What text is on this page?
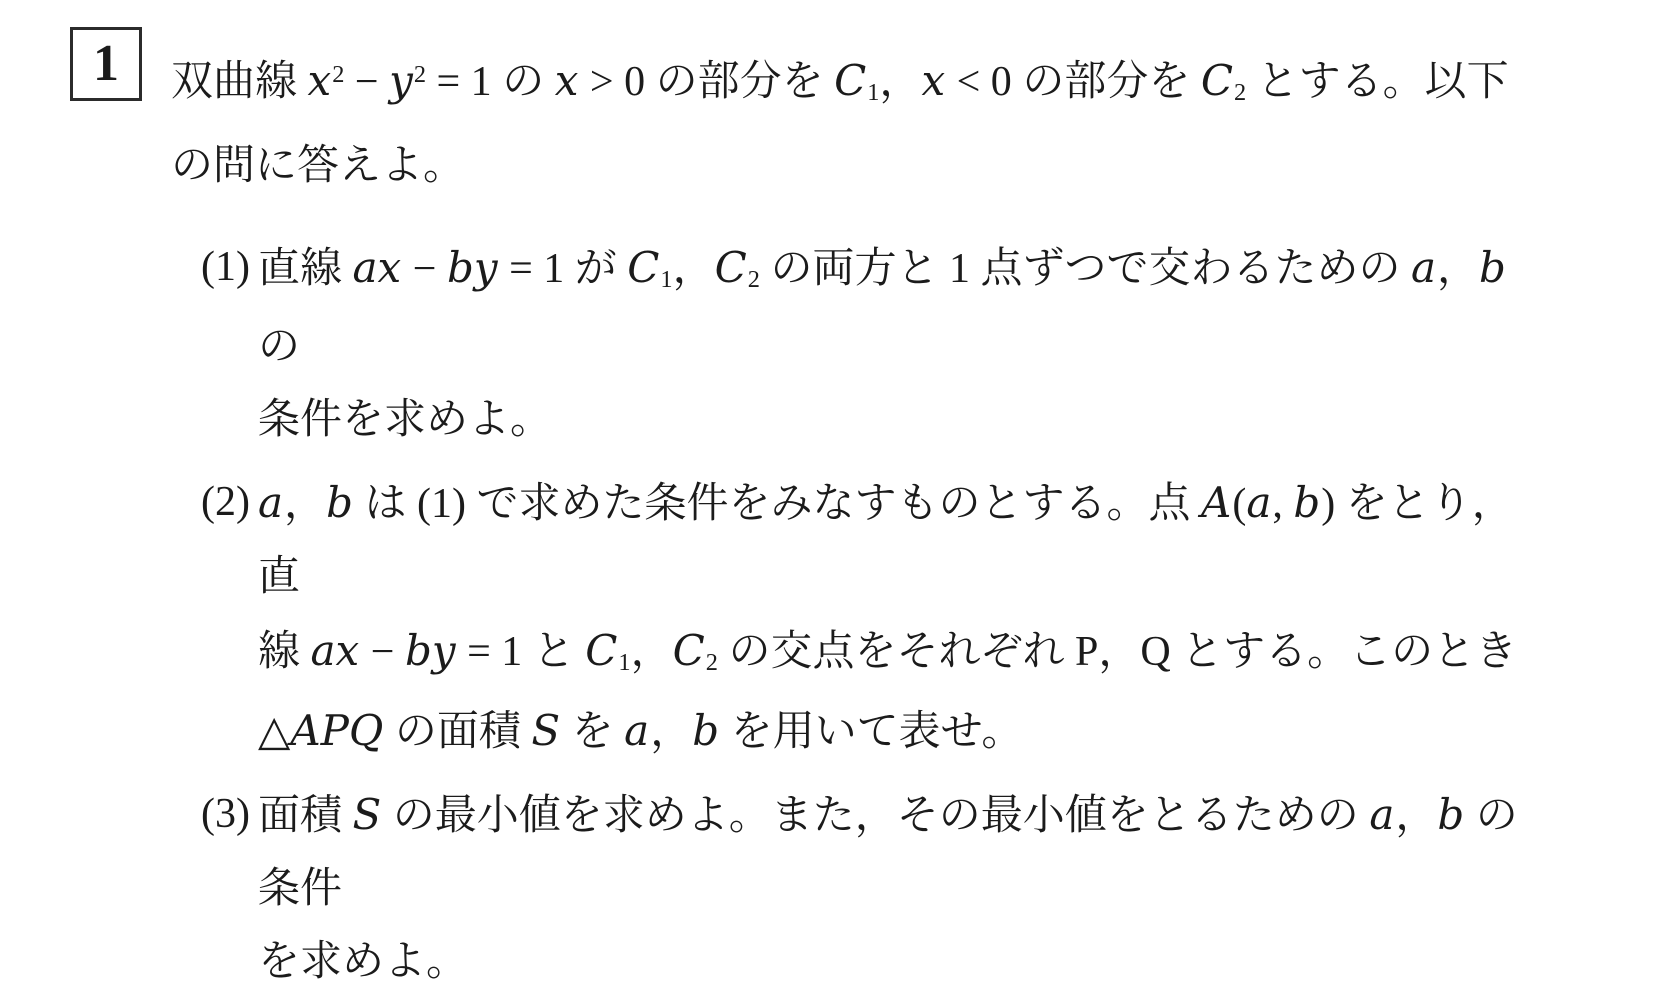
1 双曲線 $x^2 - y^2 = 1$ の x > 0 の部分を C1，x < 0 の部分を C2 とする。以下
の問に答えよ。
(1) 直線 ax − by = 1 が C1，C2 の両方と 1 点ずつで交わるための a，b の
条件を求めよ。
(2) a，b は (1) で求めた条件をみなすものとする。点 A(a, b) をとり，直
線 ax − by = 1 と C1，C2 の交点をそれぞれ P，Q とする。このとき
△APQ の面積 S を a，b を用いて表せ。
(3) 面積 S の最小値を求めよ。また，その最小値をとるための a，b の条件
を求めよ。
